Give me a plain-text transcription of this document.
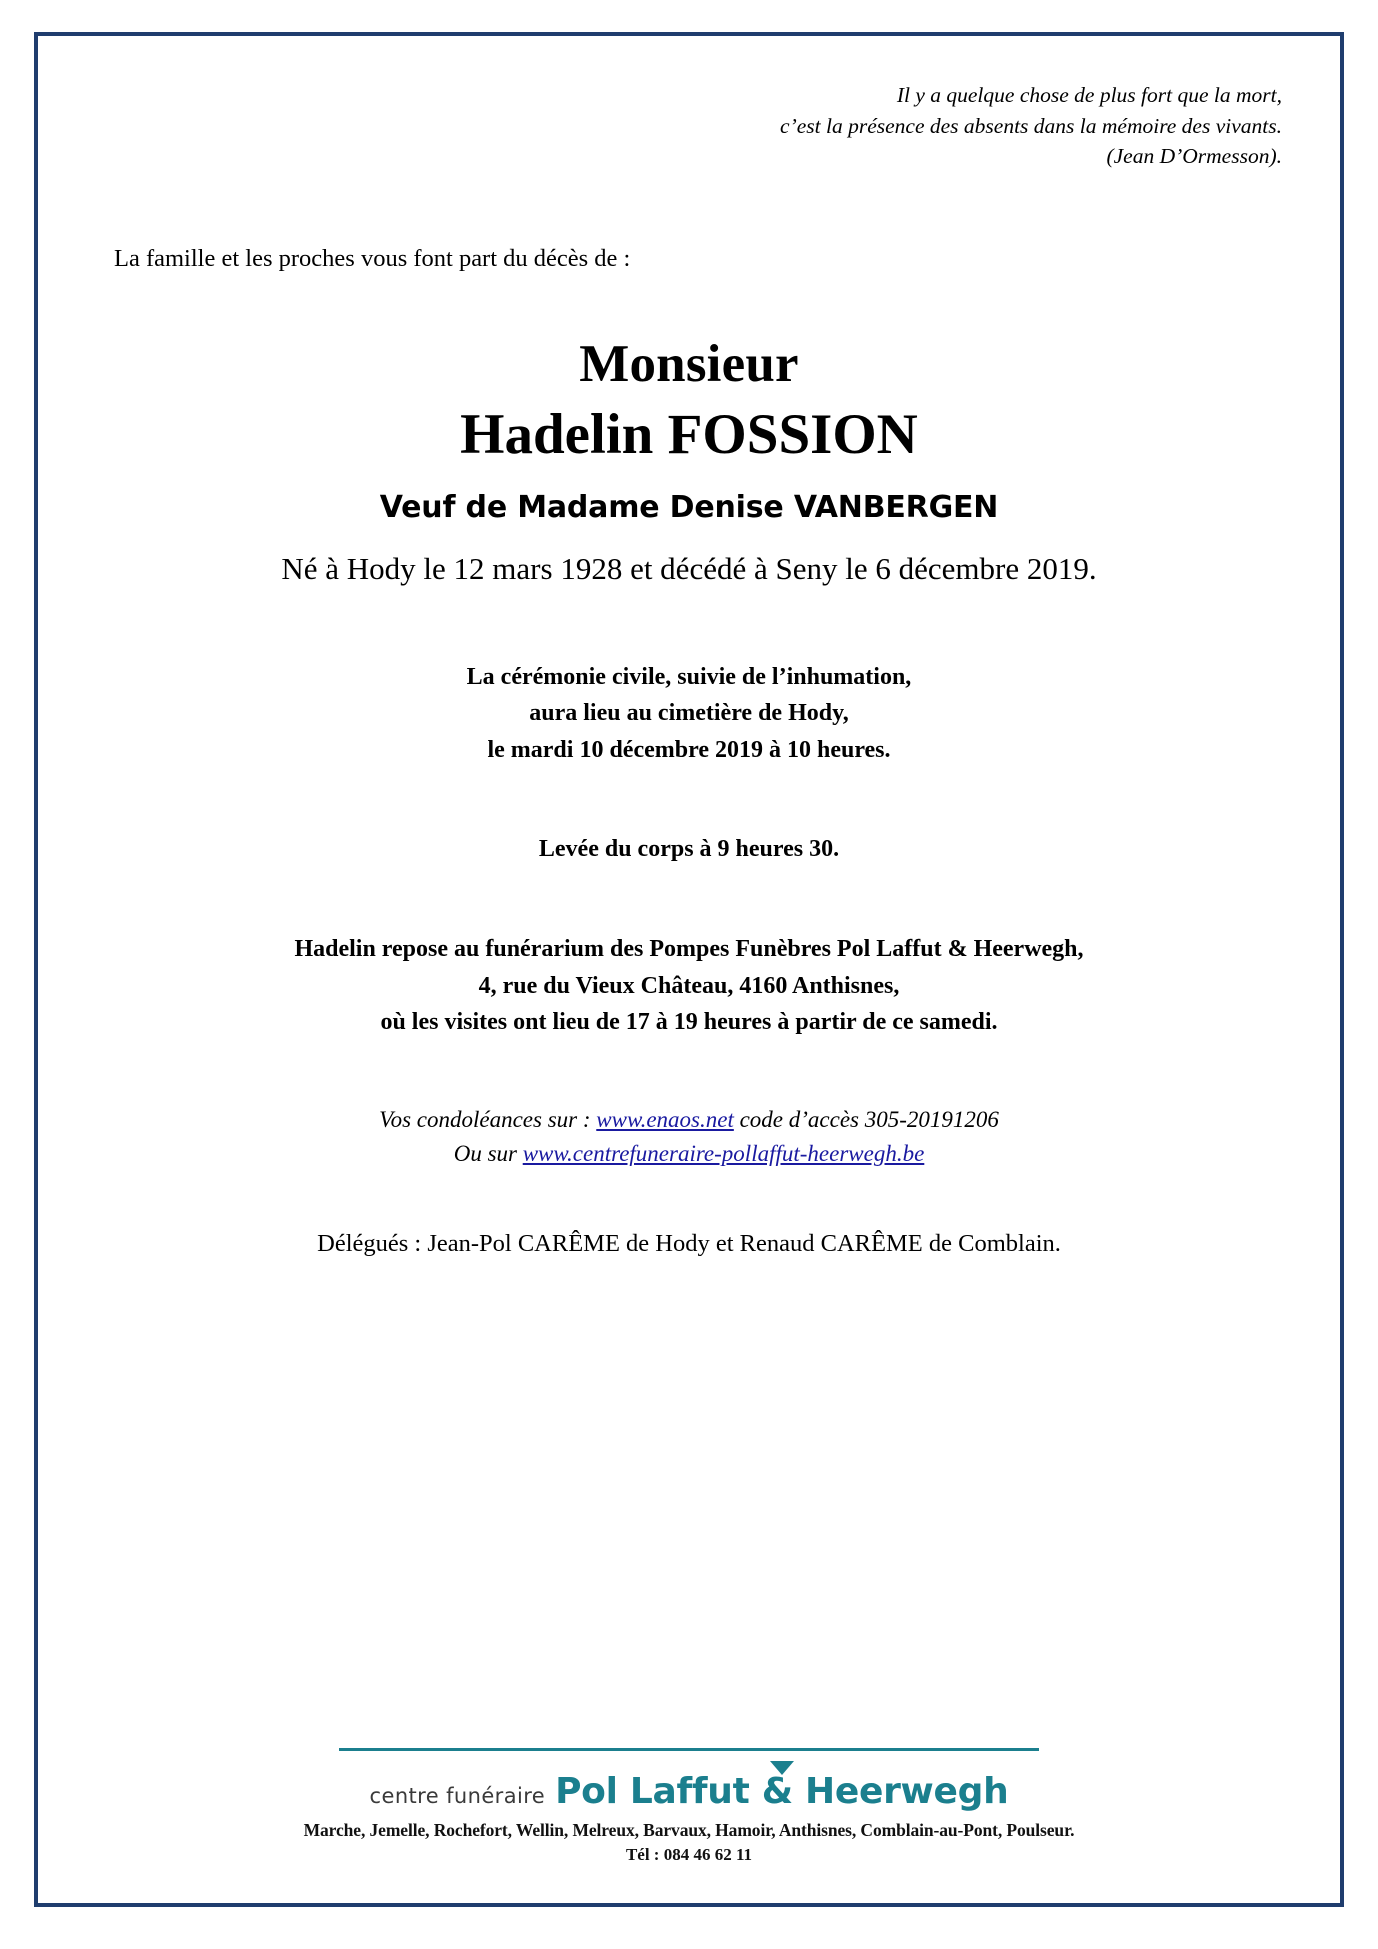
Il y a quelque chose de plus fort que la mort,
c’est la présence des absents dans la mémoire des vivants.
(Jean D’Ormesson).
La famille et les proches vous font part du décès de :
Monsieur
Hadelin FOSSION
Veuf de Madame Denise VANBERGEN
Né à Hody le 12 mars 1928 et décédé à Seny le 6 décembre 2019.
La cérémonie civile, suivie de l’inhumation,
aura lieu au cimetière de Hody,
le mardi 10 décembre 2019 à 10 heures.
Levée du corps à 9 heures 30.
Hadelin repose au funérarium des Pompes Funèbres Pol Laffut & Heerwegh,
4, rue du Vieux Château, 4160 Anthisnes,
où les visites ont lieu de 17 à 19 heures à partir de ce samedi.
Vos condoléances sur : www.enaos.net code d’accès 305-20191206
Ou sur www.centrefuneraire-pollaffut-heerwegh.be
Délégués : Jean-Pol CARÊME de Hody et Renaud CARÊME de Comblain.
centre funéraire Pol Laffut & Heerwegh
Marche, Jemelle, Rochefort, Wellin, Melreux, Barvaux, Hamoir, Anthisnes, Comblain-au-Pont, Poulseur.
Tél : 084 46 62 11
